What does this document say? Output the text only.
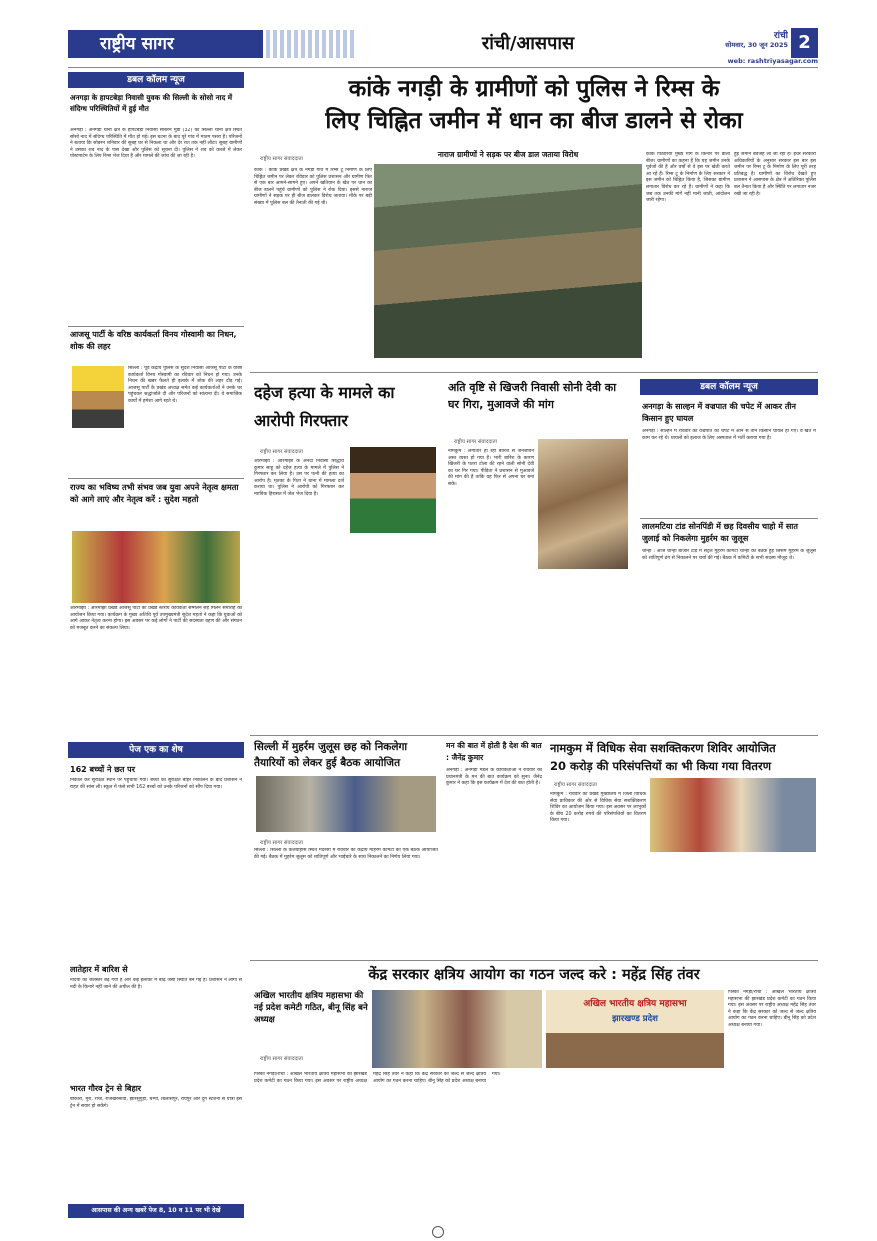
राष्ट्रीय सागर	रांची/आसपास	रांची
सोमवार, 30 जून 2025 2
web: rashtriyasagar.com
डबल कॉलम न्यूज
अनगड़ा के हापटबेड़ा निवासी युवक की सिल्ली के सोसो नाद में संदिग्ध परिस्थितियों में हुई मौत
अनगड़ा : अनगड़ा थाना क्षेत्र के हापटबेड़ा निवासी सोबरन मुंडा (32) की सिल्ली थाना क्षेत्र स्थित सोसो नाद में संदिग्ध परिस्थिति में मौत हो गई। इस घटना के बाद पूरे गांव में मातम पसरा है। परिजनों ने बताया कि सोबरन शनिवार की सुबह घर से निकला था और देर रात तक नहीं लौटा। सुबह ग्रामीणों ने उसका शव नाद के पास देखा और पुलिस को सूचना दी। पुलिस ने शव को कब्जे में लेकर पोस्टमार्टम के लिए रिम्स भेज दिया है और मामले की जांच की जा रही है।
आजसू पार्टी के वरिष्ठ कार्यकर्ता विनय गोस्वामी का निधन, शोक की लहर
सिल्ली : पूर्व केंद्रीय पुलिस के सुदेश निवासी आजसू पार्टी के वरिष्ठ कार्यकर्ता विनय गोस्वामी का रविवार को निधन हो गया। उनके निधन की खबर फैलते ही इलाके में शोक की लहर दौड़ गई। आजसू पार्टी के प्रखंड अध्यक्ष समेत कई कार्यकर्ताओं ने उनके घर पहुंचकर श्रद्धांजलि दी और परिजनों को सांत्वना दी। वे समाजिक कार्यों में हमेशा आगे रहते थे।
राज्य का भविष्य तभी संभव जब युवा अपने नेतृत्व क्षमता को आगे लाएं और नेतृत्व करें : सुदेश महतो
ओरमांझी : ओरमांझी प्रखंड आजसू पार्टी का प्रखंड स्तरीय कार्यकर्ता सम्मेलन सह मिलन समारोह का आयोजन किया गया। कार्यक्रम के मुख्य अतिथि पूर्व उपमुख्यमंत्री सुदेश महतो ने कहा कि युवाओं को आगे आकर नेतृत्व करना होगा। इस अवसर पर कई लोगों ने पार्टी की सदस्यता ग्रहण की और संगठन को मजबूत करने का संकल्प लिया।
पेज एक का शेष
162 बच्चों ने छत पर
निकाल कर सुरक्षित स्थान पर पहुंचाया गया। बच्चों को सुरक्षित बाहर निकालने के बाद प्रशासन ने राहत की सांस ली। स्कूल में फंसे सभी 162 बच्चों को उनके परिजनों को सौंप दिया गया।
लातेहार में बारिश से
नदियों का जलस्तर बढ़ गया है और कई इलाकों में बाढ़ जैसी स्थिति बन गई है। प्रशासन ने लोगों से नदी के किनारे नहीं जाने की अपील की है।
भारत गौरव ट्रेन से बिहार
बोकारो, मुरी, रांची, राजखरसावां, झारसुगुड़ा, चम्पा, बिलासपुर, रायपुर और दुर्ग स्टेशनों से यात्री इस ट्रेन में सवार हो सकेंगे।
कांके नगड़ी के ग्रामीणों को पुलिस ने रिम्स के
लिए चिह्नित जमीन में धान का बीज डालने से रोका
राष्ट्रीय सागर संवाददाता
कांके : कांके प्रखंड क्षेत्र के नगड़ी गांव में रिम्स टू निर्माण के लिए चिह्नित जमीन पर लेकर रविवार को पुलिस प्रशासन और ग्रामीण फिर से एक बार आमने-सामने हुए। अपने खतियान के खेत पर धान का बीज डालने पहुंचे ग्रामीणों को पुलिस ने रोक दिया। इससे नाराज ग्रामीणों ने सड़क पर ही बीज डालकर विरोध जताया। मौके पर बड़ी संख्या में पुलिस बल की तैनाती की गई थी।
नाराज ग्रामीणों ने सड़क पर बीज डाल जताया विरोध	कांके पिठोरिया मुख्य मार्ग के किनारे पर डाला बीज। ग्रामीणों का कहना है कि यह जमीन उनके पूर्वजों की है और वर्षों से वे इस पर खेती करते आ रहे हैं। रिम्स टू के निर्माण के लिए सरकार ने इस जमीन को चिह्नित किया है, जिसका ग्रामीण लगातार विरोध कर रहे हैं। ग्रामीणों ने कहा कि जब तक उनकी मांगें नहीं मानी जाती, आंदोलन जारी रहेगा।
हुई जमीन बेवजह ली जा रही है। इधर सरकारी अधिकारियों के अनुसार सरकार इस बार इस जमीन पर रिम्स टू के निर्माण के लिए पूरी तरह प्रतिबद्ध है। ग्रामीणों का विरोध देखते हुए प्रशासन ने आसपास के क्षेत्र में अतिरिक्त पुलिस बल तैनात किया है और स्थिति पर लगातार नजर रखी जा रही है।
दहेज हत्या के मामले का आरोपी गिरफ्तार
राष्ट्रीय सागर संवाददाता
ओरमांझी : ओरमांझी के अनंदी निवासी सिद्धार्थ कुमार साहू को दहेज हत्या के मामले में पुलिस ने गिरफ्तार कर लिया है। उस पर पत्नी की हत्या का आरोप है। मृतका के पिता ने थाना में मामला दर्ज कराया था। पुलिस ने आरोपी को गिरफ्तार कर न्यायिक हिरासत में जेल भेज दिया है।
अति वृष्टि से खिजरी निवासी सोनी देवी का घर गिरा, मुआवजे की मांग
राष्ट्रीय सागर संवाददाता
नामकुम : लगातार हो रही बारिश से जनजीवन अस्त व्यस्त हो गया है। भारी बारिश के कारण खिजरी के पतरा टोला की रहने वाली सोनी देवी का घर गिर गया। पीड़िता ने प्रशासन से मुआवजे की मांग की है ताकि वह फिर से अपना घर बना सके।
डबल कॉलम न्यूज
अनगड़ा के साल्हन में वज्रपात की चपेट में आकर तीन किसान हुए घायल
अनगड़ा : साल्हन में रविवार को वज्रपात की चपेट में आने से तीन किसान घायल हो गए। वे खेत में काम कर रहे थे। घायलों को इलाज के लिए अस्पताल में भर्ती कराया गया है।
लालमटिया टांड सोनपिंडी में छह दिवसीय चाहो में सात जुलाई को निकलेगा मुहर्रम का जुलूस
चान्हो : आज चान्हो बाजार टांड़ में सेंट्रल मुहर्रम कमिटी चान्हो की बैठक हुई जिसमें मुहर्रम के जुलूस को शांतिपूर्ण ढंग से निकालने पर चर्चा की गई। बैठक में कमिटी के सभी सदस्य मौजूद थे।
सिल्ली में मुहर्रम जुलूस छह को निकलेगा
तैयारियों को लेकर हुई बैठक आयोजित
राष्ट्रीय सागर संवाददाता
सिल्ली : सिल्ली के कलवाहोस स्थित मदरसा में रविवार को केंद्रीय मोहर्रम कमिटी की एक बैठक आयोजित की गई। बैठक में मुहर्रम जुलूस को शांतिपूर्ण और भाईचारे के साथ निकालने का निर्णय लिया गया।
मन की बात में होती है देश की बात : जैनेंद्र कुमार
अनगड़ा : अनगड़ा मंडल के कार्यकर्ताओं ने रविवार को प्रधानमंत्री के मन की बात कार्यक्रम को सुना। जैनेंद्र कुमार ने कहा कि इस कार्यक्रम में देश की बात होती है।
नामकुम में विधिक सेवा सशक्तिकरण शिविर आयोजित
20 करोड़ की परिसंपत्तियों का भी किया गया वितरण
राष्ट्रीय सागर संवाददाता
नामकुम : रविवार को प्रखंड मुख्यालय में जिला विधिक सेवा प्राधिकार की ओर से विधिक सेवा सशक्तिकरण शिविर का आयोजन किया गया। इस अवसर पर लाभुकों के बीच 20 करोड़ रुपये की परिसंपत्तियों का वितरण किया गया।
केंद्र सरकार क्षत्रिय आयोग का गठन जल्द करे : महेंद्र सिंह तंवर
अखिल भारतीय क्षत्रिय महासभा की नई प्रदेश कमेटी गठित, बीनू सिंह बने अध्यक्ष
राष्ट्रीय सागर संवाददाता
अखिल भारतीय क्षत्रिय महासभा
झारखण्ड प्रदेश
पिस्का नगड़ी/रांची : अखिल भारतीय क्षत्रिय महासभा की झारखंड प्रदेश कमेटी का गठन किया गया। इस अवसर पर राष्ट्रीय अध्यक्ष महेंद्र सिंह तंवर ने कहा कि केंद्र सरकार को जल्द से जल्द क्षत्रिय आयोग का गठन करना चाहिए। बीनू सिंह को प्रदेश अध्यक्ष बनाया गया।
पिस्का नगड़ी/रांची : अखिल भारतीय क्षत्रिय महासभा की झारखंड प्रदेश कमेटी का गठन किया गया। इस अवसर पर राष्ट्रीय अध्यक्ष महेंद्र सिंह तंवर ने कहा कि केंद्र सरकार को जल्द से जल्द क्षत्रिय आयोग का गठन करना चाहिए। बीनू सिंह को प्रदेश अध्यक्ष बनाया गया।
आसपास की अन्य खबरें पेज 8, 10 व 11 पर भी देखें
